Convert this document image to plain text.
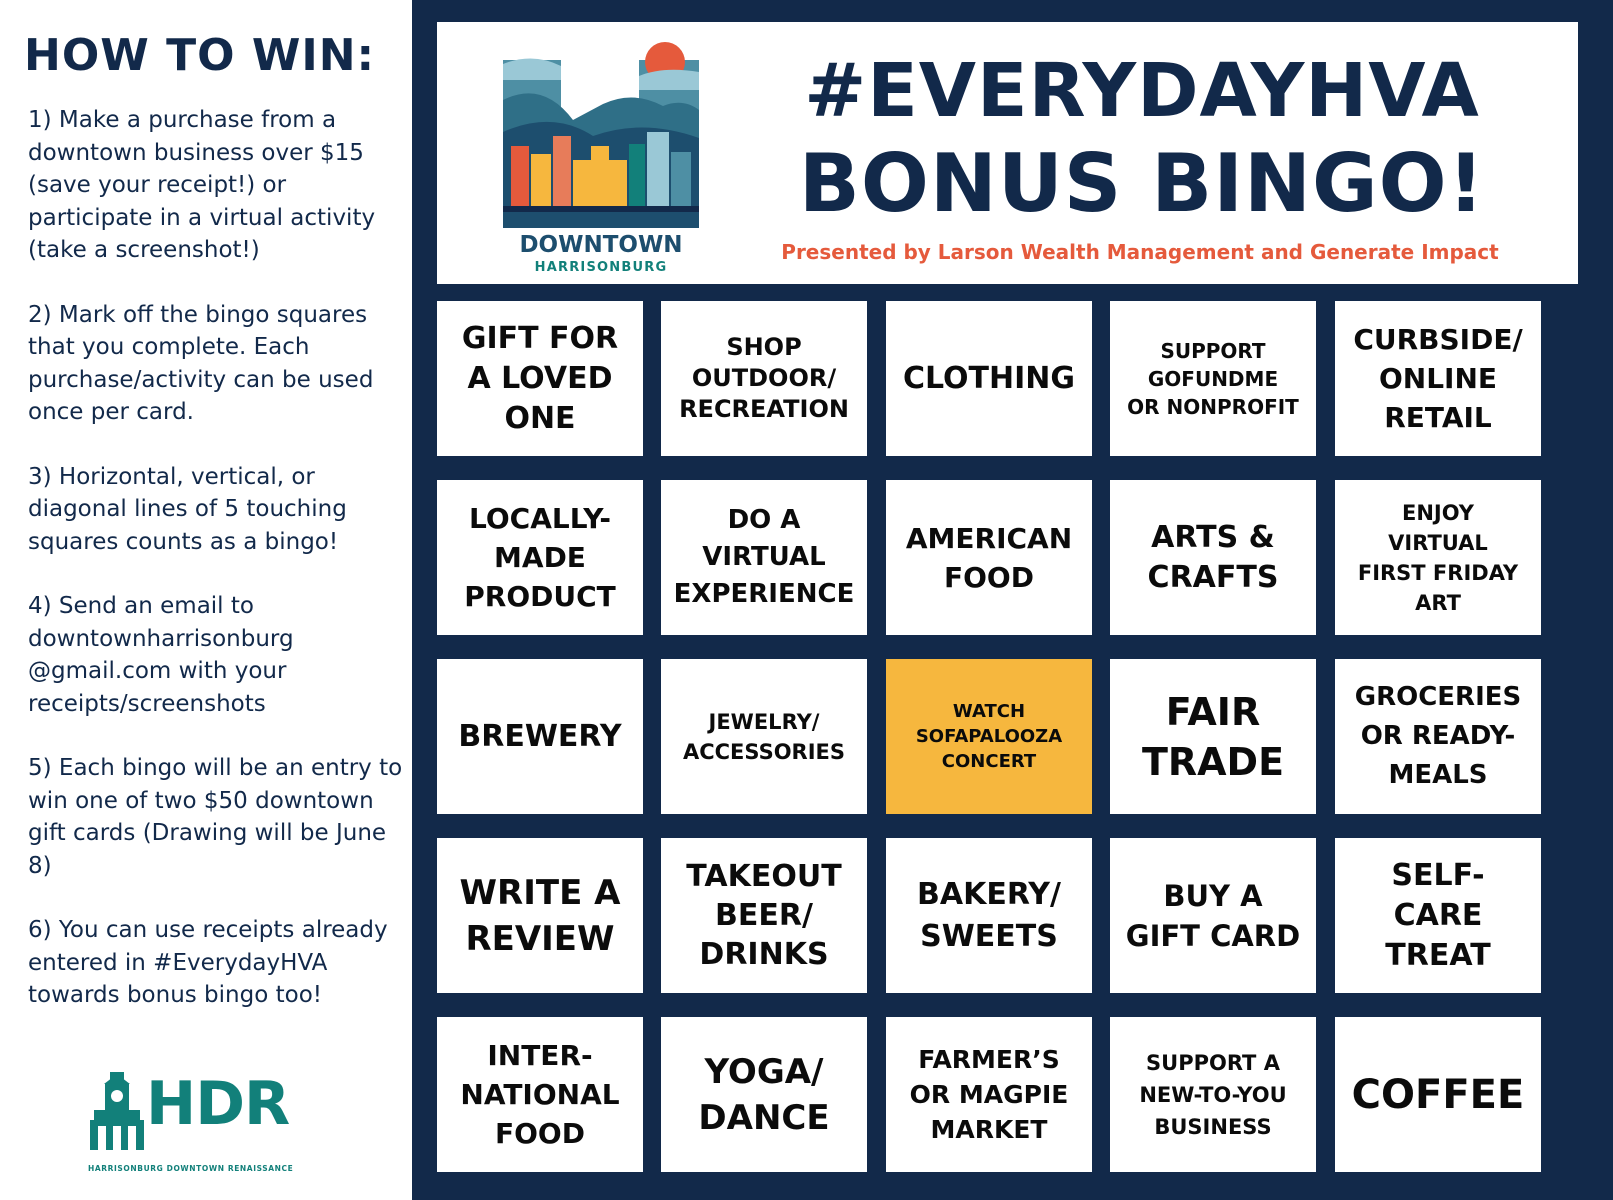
HOW TO WIN:

1) Make a purchase from a downtown business over $15 (save your receipt!) or participate in a virtual activity (take a screenshot!)

2) Mark off the bingo squares that you complete. Each purchase/activity can be used once per card.

3) Horizontal, vertical, or diagonal lines of 5 touching squares counts as a bingo!

4) Send an email to downtownharrisonburg @gmail.com with your receipts/screenshots

5) Each bingo will be an entry to win one of two $50 downtown gift cards (Drawing will be June 8)

6) You can use receipts already entered in #EverydayHVA towards bonus bingo too!

HDR
HARRISONBURG DOWNTOWN RENAISSANCE
DOWNTOWN
HARRISONBURG
#EVERYDAYHVA
BONUS BINGO!
Presented by Larson Wealth Management and Generate Impact
GIFT FOR
A LOVED
ONE
SHOP
OUTDOOR/
RECREATION
CLOTHING
SUPPORT
GOFUNDME
OR NONPROFIT
CURBSIDE/
ONLINE
RETAIL
LOCALLY-
MADE
PRODUCT
DO A
VIRTUAL
EXPERIENCE
AMERICAN
FOOD
ARTS &
CRAFTS
ENJOY
VIRTUAL
FIRST FRIDAY
ART
BREWERY	JEWELRY/
ACCESSORIES
WATCH
SOFAPALOOZA
CONCERT
FAIR
TRADE
GROCERIES
OR READY-
MEALS
WRITE A
REVIEW
TAKEOUT
BEER/
DRINKS
BAKERY/
SWEETS
BUY A
GIFT CARD
SELF-
CARE
TREAT
INTER-
NATIONAL
FOOD
YOGA/
DANCE
FARMER’S
OR MAGPIE
MARKET
SUPPORT A
NEW-TO-YOU
BUSINESS
COFFEE
